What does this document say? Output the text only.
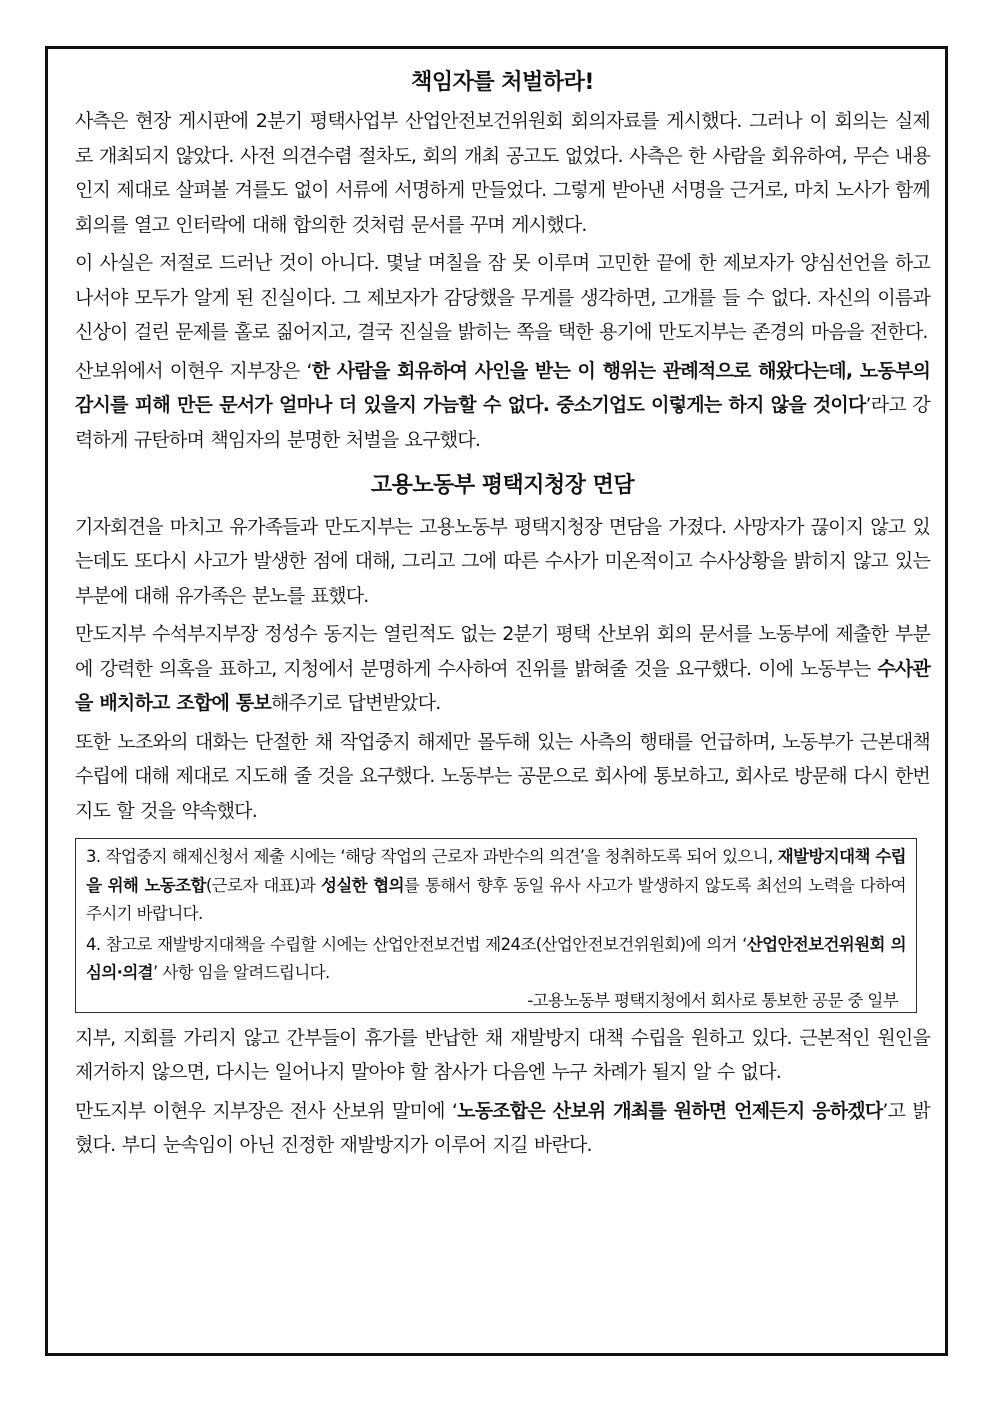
책임자를 처벌하라!

사측은 현장 게시판에 2분기 평택사업부 산업안전보건위원회 회의자료를 게시했다. 그러나 이 회의는 실제로 개최되지 않았다. 사전 의견수렴 절차도, 회의 개최 공고도 없었다. 사측은 한 사람을 회유하여, 무슨 내용인지 제대로 살펴볼 겨를도 없이 서류에 서명하게 만들었다. 그렇게 받아낸 서명을 근거로, 마치 노사가 함께 회의를 열고 인터락에 대해 합의한 것처럼 문서를 꾸며 게시했다.

이 사실은 저절로 드러난 것이 아니다. 몇날 며칠을 잠 못 이루며 고민한 끝에 한 제보자가 양심선언을 하고 나서야 모두가 알게 된 진실이다. 그 제보자가 감당했을 무게를 생각하면, 고개를 들 수 없다. 자신의 이름과 신상이 걸린 문제를 홀로 짊어지고, 결국 진실을 밝히는 쪽을 택한 용기에 만도지부는 존경의 마음을 전한다.

산보위에서 이현우 지부장은 ‘한 사람을 회유하여 사인을 받는 이 행위는 관례적으로 해왔다는데, 노동부의 감시를 피해 만든 문서가 얼마나 더 있을지 가늠할 수 없다. 중소기업도 이렇게는 하지 않을 것이다’라고 강력하게 규탄하며 책임자의 분명한 처벌을 요구했다.

고용노동부 평택지청장 면담

기자회견을 마치고 유가족들과 만도지부는 고용노동부 평택지청장 면담을 가졌다. 사망자가 끊이지 않고 있는데도 또다시 사고가 발생한 점에 대해, 그리고 그에 따른 수사가 미온적이고 수사상황을 밝히지 않고 있는 부분에 대해 유가족은 분노를 표했다.

만도지부 수석부지부장 정성수 동지는 열린적도 없는 2분기 평택 산보위 회의 문서를 노동부에 제출한 부분에 강력한 의혹을 표하고, 지청에서 분명하게 수사하여 진위를 밝혀줄 것을 요구했다. 이에 노동부는 수사관을 배치하고 조합에 통보해주기로 답변받았다.

또한 노조와의 대화는 단절한 채 작업중지 해제만 몰두해 있는 사측의 행태를 언급하며, 노동부가 근본대책 수립에 대해 제대로 지도해 줄 것을 요구했다. 노동부는 공문으로 회사에 통보하고, 회사로 방문해 다시 한번 지도 할 것을 약속했다.

3. 작업중지 해제신청서 제출 시에는 ‘해당 작업의 근로자 과반수의 의견’을 청취하도록 되어 있으니, 재발방지대책 수립을 위해 노동조합(근로자 대표)과 성실한 협의를 통해서 향후 동일 유사 사고가 발생하지 않도록 최선의 노력을 다하여 주시기 바랍니다.

4. 참고로 재발방지대책을 수립할 시에는 산업안전보건법 제24조(산업안전보건위원회)에 의거 ‘산업안전보건위원회 의 심의·의결’ 사항 임을 알려드립니다.

-고용노동부 평택지청에서 회사로 통보한 공문 중 일부

지부, 지회를 가리지 않고 간부들이 휴가를 반납한 채 재발방지 대책 수립을 원하고 있다. 근본적인 원인을 제거하지 않으면, 다시는 일어나지 말아야 할 참사가 다음엔 누구 차례가 될지 알 수 없다.

만도지부 이현우 지부장은 전사 산보위 말미에 ‘노동조합은 산보위 개최를 원하면 언제든지 응하겠다’고 밝혔다. 부디 눈속임이 아닌 진정한 재발방지가 이루어 지길 바란다.
